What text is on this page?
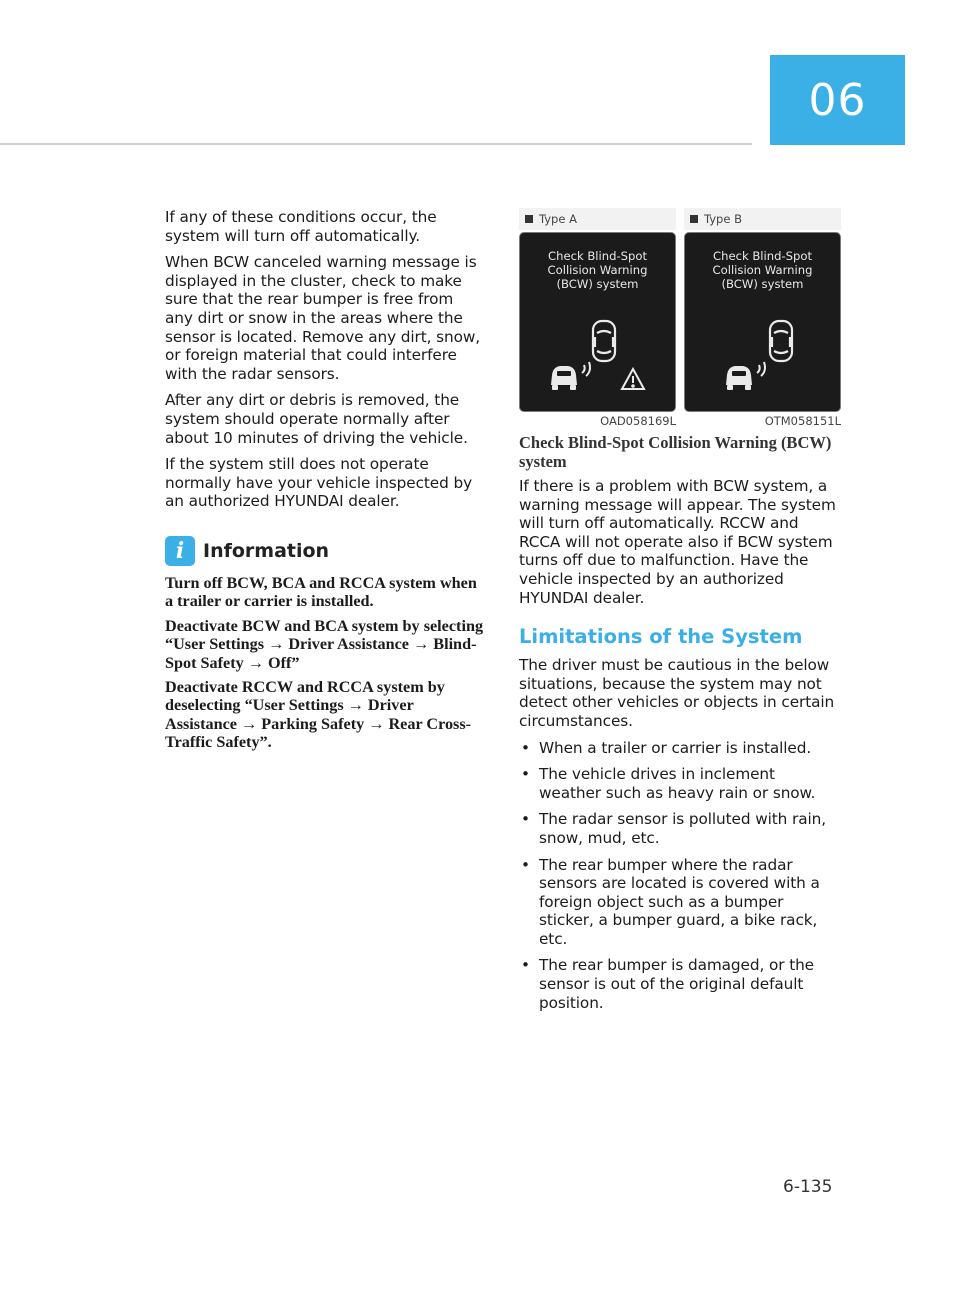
06

If any of these conditions occur, the system will turn off automatically.

When BCW canceled warning message is displayed in the cluster, check to make sure that the rear bumper is free from any dirt or snow in the areas where the sensor is located. Remove any dirt, snow, or foreign material that could interfere with the radar sensors.

After any dirt or debris is removed, the system should operate normally after about 10 minutes of driving the vehicle.

If the system still does not operate normally have your vehicle inspected by an authorized HYUNDAI dealer.

i Information

Turn off BCW, BCA and RCCA system when a trailer or carrier is installed.

Deactivate BCW and BCA system by selecting “User Settings → Driver Assistance → Blind-Spot Safety → Off”

Deactivate RCCW and RCCA system by deselecting “User Settings → Driver Assistance → Parking Safety → Rear Cross-Traffic Safety”.

Type A
Check Blind-Spot
Collision Warning
(BCW) system
OAD058169L
Type B
Check Blind-Spot
Collision Warning
(BCW) system
OTM058151L

Check Blind-Spot Collision Warning (BCW) system

If there is a problem with BCW system, a warning message will appear. The system will turn off automatically. RCCW and RCCA will not operate also if BCW system turns off due to malfunction. Have the vehicle inspected by an authorized HYUNDAI dealer.

Limitations of the System

The driver must be cautious in the below situations, because the system may not detect other vehicles or objects in certain circumstances.

• When a trailer or carrier is installed.
• The vehicle drives in inclement weather such as heavy rain or snow.
• The radar sensor is polluted with rain, snow, mud, etc.
• The rear bumper where the radar sensors are located is covered with a foreign object such as a bumper sticker, a bumper guard, a bike rack, etc.
• The rear bumper is damaged, or the sensor is out of the original default position.
6-135
